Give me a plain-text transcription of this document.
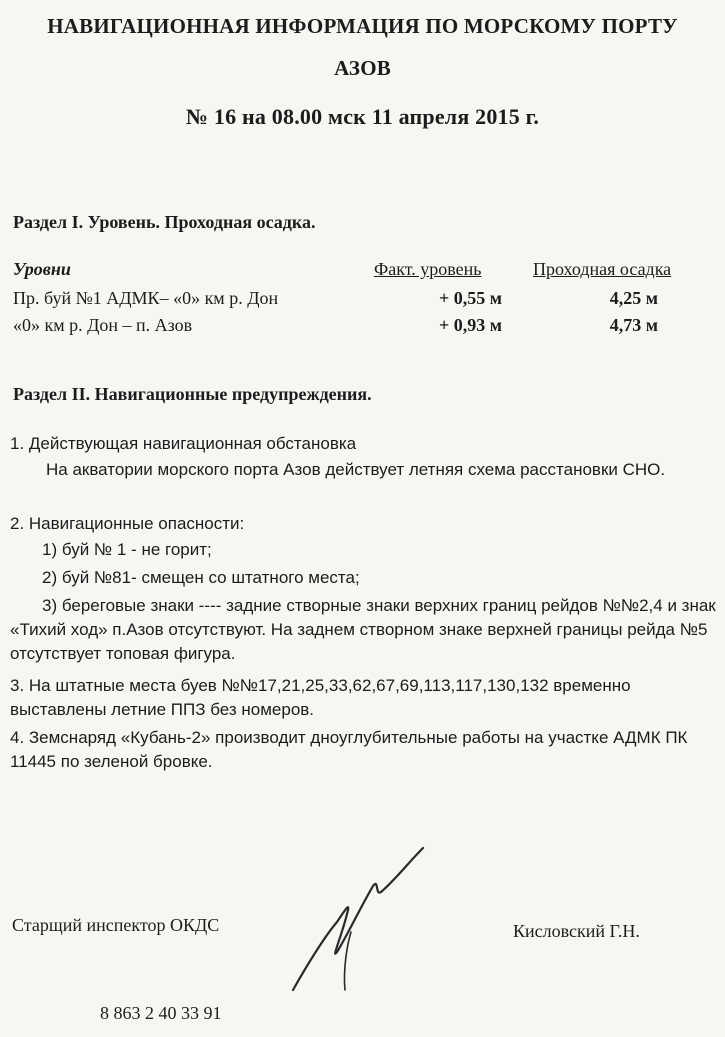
НАВИГАЦИОННАЯ ИНФОРМАЦИЯ ПО МОРСКОМУ ПОРТУ
АЗОВ
№ 16 на 08.00 мск 11 апреля 2015 г.
Раздел I. Уровень. Проходная осадка.
Уровни	Факт. уровень	Проходная осадка
Пр. буй №1 АДМК– «0» км р. Дон	+ 0,55 м	4,25 м
«0» км р. Дон – п. Азов	+ 0,93 м	4,73 м
Раздел II. Навигационные предупреждения.
1. Действующая навигационная обстановка
На акватории морского порта Азов действует летняя схема расстановки СНО.
2. Навигационные опасности:
1) буй № 1 - не горит;
2) буй №81- смещен со штатного места;
3) береговые знаки ---- задние створные знаки верхних границ рейдов №№2,4 и знак «Тихий ход» п.Азов отсутствуют. На заднем створном знаке верхней границы рейда №5 отсутствует топовая фигура.
3. На штатные места буев №№17,21,25,33,62,67,69,113,117,130,132 временно выставлены летние ППЗ без номеров.
4. Земснаряд «Кубань-2» производит дноуглубительные работы на участке АДМК ПК 11445 по зеленой бровке.
Старщий инспектор ОКДС	Кисловский Г.Н.
8 863 2 40 33 91
